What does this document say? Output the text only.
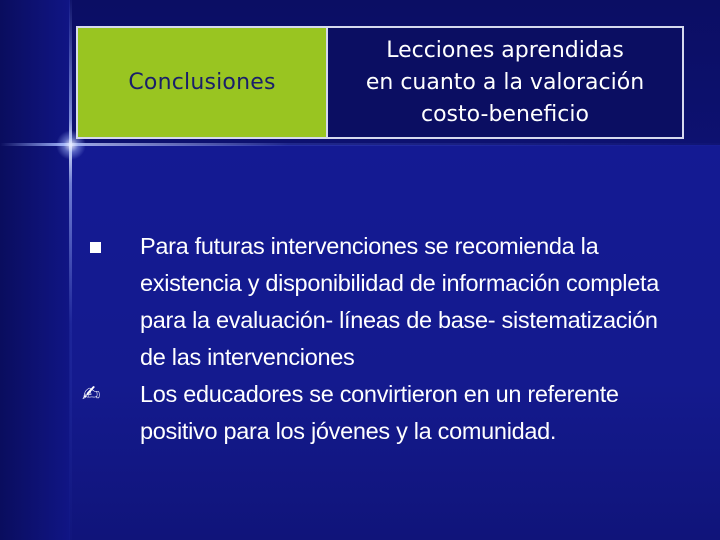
Conclusiones
Lecciones aprendidas
en cuanto a la valoración
costo-beneficio
Para futuras intervenciones se recomienda la
existencia y disponibilidad de información completa
para la evaluación- líneas de base- sistematización
de las intervenciones
✍ Los educadores se convirtieron en un referente
positivo para los jóvenes y la comunidad.
